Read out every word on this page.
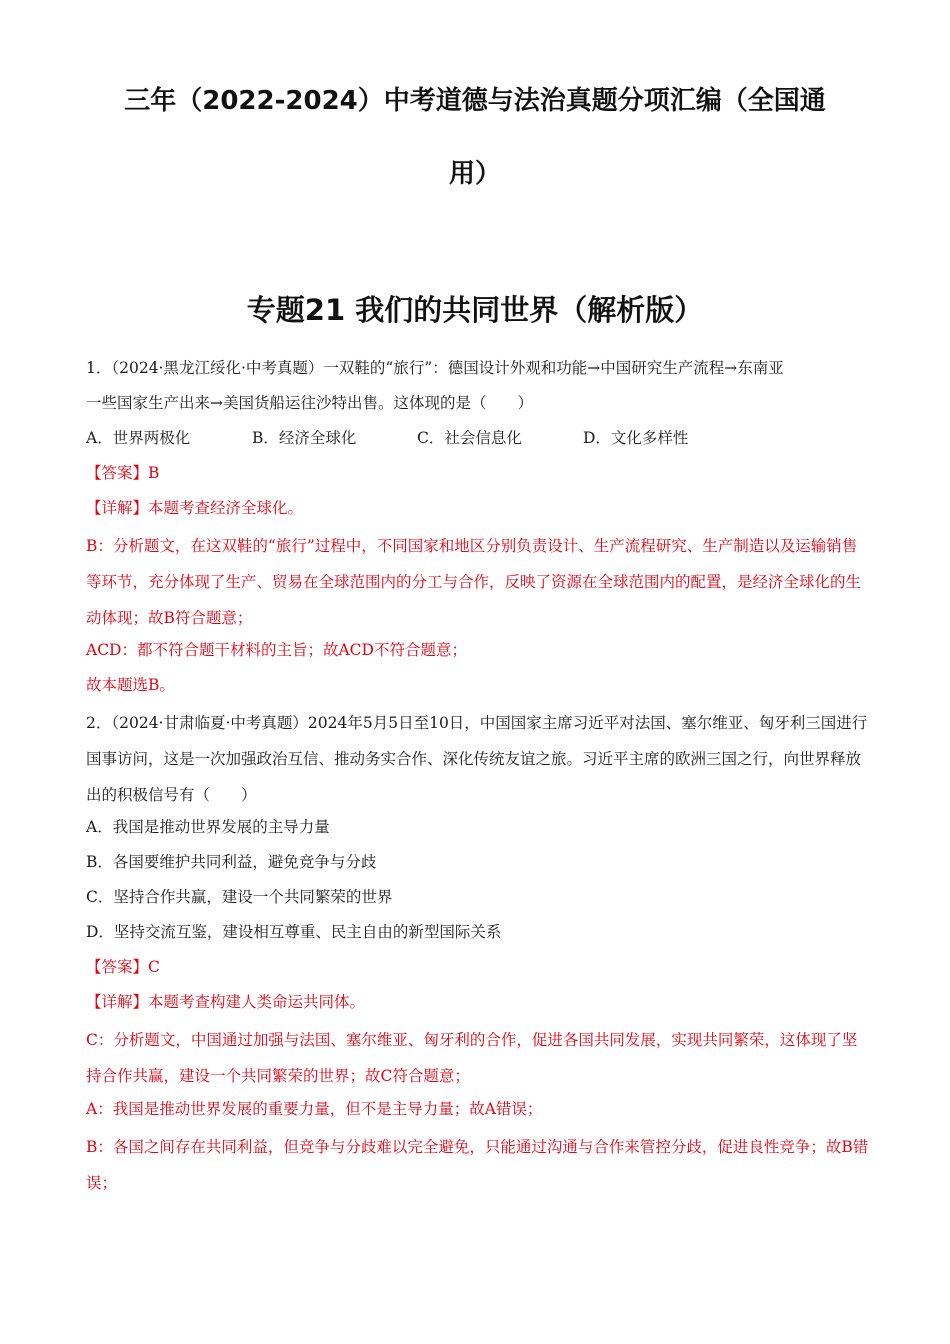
三年（2022-2024）中考道德与法治真题分项汇编（全国通
用）
专题21 我们的共同世界（解析版）
1．（2024·黑龙江绥化·中考真题）一双鞋的“旅行”：德国设计外观和功能→中国研究生产流程→东南亚
一些国家生产出来→美国货船运往沙特出售。这体现的是（　　）
A．世界两极化	B．经济全球化	C．社会信息化	D．文化多样性
【答案】B
【详解】本题考查经济全球化。
B：分析题文，在这双鞋的“旅行”过程中，不同国家和地区分别负责设计、生产流程研究、生产制造以及运输销售等环节，充分体现了生产、贸易在全球范围内的分工与合作，反映了资源在全球范围内的配置，是经济全球化的生动体现；故B符合题意；
ACD：都不符合题干材料的主旨；故ACD不符合题意；
故本题选B。
2．（2024·甘肃临夏·中考真题）2024年5月5日至10日，中国国家主席习近平对法国、塞尔维亚、匈牙利三国进行国事访问，这是一次加强政治互信、推动务实合作、深化传统友谊之旅。习近平主席的欧洲三国之行，向世界释放出的积极信号有（　　）
A．我国是推动世界发展的主导力量
B．各国要维护共同利益，避免竞争与分歧
C．坚持合作共赢，建设一个共同繁荣的世界
D．坚持交流互鉴，建设相互尊重、民主自由的新型国际关系
【答案】C
【详解】本题考查构建人类命运共同体。
C：分析题文，中国通过加强与法国、塞尔维亚、匈牙利的合作，促进各国共同发展，实现共同繁荣，这体现了坚持合作共赢，建设一个共同繁荣的世界；故C符合题意；
A：我国是推动世界发展的重要力量，但不是主导力量；故A错误；
B：各国之间存在共同利益，但竞争与分歧难以完全避免，只能通过沟通与合作来管控分歧，促进良性竞争；故B错误；
